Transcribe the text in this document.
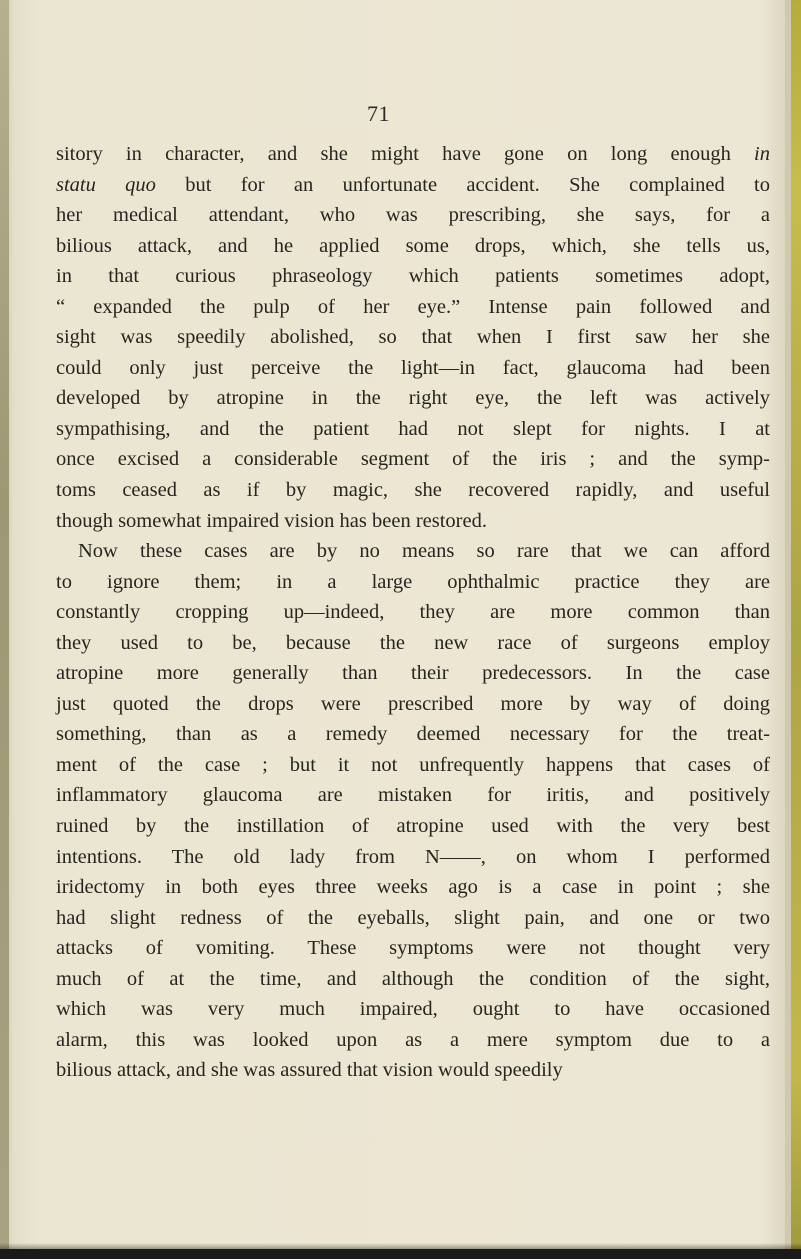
71
sitory in character, and she might have gone on long enough in
statu quo but for an unfortunate accident. She complained to
her medical attendant, who was prescribing, she says, for a
bilious attack, and he applied some drops, which, she tells us,
in that curious phraseology which patients sometimes adopt,
“ expanded the pulp of her eye.” Intense pain followed and
sight was speedily abolished, so that when I first saw her she
could only just perceive the light—in fact, glaucoma had been
developed by atropine in the right eye, the left was actively
sympathising, and the patient had not slept for nights. I at
once excised a considerable segment of the iris ; and the symp-
toms ceased as if by magic, she recovered rapidly, and useful
though somewhat impaired vision has been restored.
Now these cases are by no means so rare that we can afford
to ignore them; in a large ophthalmic practice they are
constantly cropping up—indeed, they are more common than
they used to be, because the new race of surgeons employ
atropine more generally than their predecessors. In the case
just quoted the drops were prescribed more by way of doing
something, than as a remedy deemed necessary for the treat-
ment of the case ; but it not unfrequently happens that cases of
inflammatory glaucoma are mistaken for iritis, and positively
ruined by the instillation of atropine used with the very best
intentions. The old lady from N——, on whom I performed
iridectomy in both eyes three weeks ago is a case in point ; she
had slight redness of the eyeballs, slight pain, and one or two
attacks of vomiting. These symptoms were not thought very
much of at the time, and although the condition of the sight,
which was very much impaired, ought to have occasioned
alarm, this was looked upon as a mere symptom due to a
bilious attack, and she was assured that vision would speedily
